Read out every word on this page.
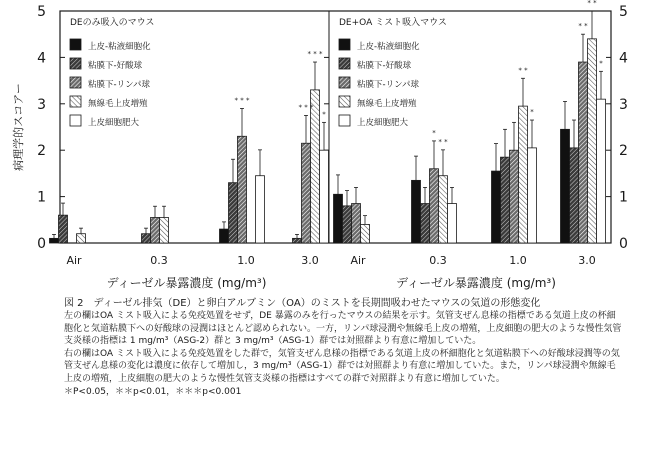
0	0
1	1
2	2
3	3
4	4
5	5
病理学的スコアー
DEのみ吸入のマウス
上皮-粘液細胞化
粘膜下-好酸球
粘膜下-リンパ球
無線毛上皮増殖
上皮細胞肥大
* * *
* * *
* * *
*
Air	0.3	1.0	3.0
ディーゼル暴露濃度 (mg/m³)
DE+OA ミスト吸入マウス
上皮-粘液細胞化
粘膜下-好酸球
粘膜下-リンパ球
無線毛上皮増殖
上皮細胞肥大
*
* *
* *
*
* *
* *
*
Air	0.3	1.0	3.0
ディーゼル暴露濃度 (mg/m³)

図 2　ディーゼル排気（DE）と卵白アルブミン（OA）のミストを長期間吸わせたマウスの気道の形態変化

左の欄はOA ミスト吸入による免疫処置をせず，DE 暴露のみを行ったマウスの結果を示す。気管支ぜん息様の指標である気道上皮の杯細胞化と気道粘膜下への好酸球の浸潤はほとんど認められない。一方，リンパ球浸潤や無線毛上皮の増殖，上皮細胞の肥大のような慢性気管支炎様の指標は 1 mg/m³（ASG-2）群と 3 mg/m³（ASG-1）群では対照群より有意に増加していた。

右の欄はOA ミスト吸入による免疫処置をした群で，気管支ぜん息様の指標である気道上皮の杯細胞化と気道粘膜下への好酸球浸潤等の気管支ぜん息様の変化は濃度に依存して増加し，3 mg/m³（ASG-1）群では対照群より有意に増加していた。また，リンパ球浸潤や無線毛上皮の増殖，上皮細胞の肥大のような慢性気管支炎様の指標はすべての群で対照群より有意に増加していた。

＊P<0.05，＊＊p<0.01，＊＊＊p<0.001
